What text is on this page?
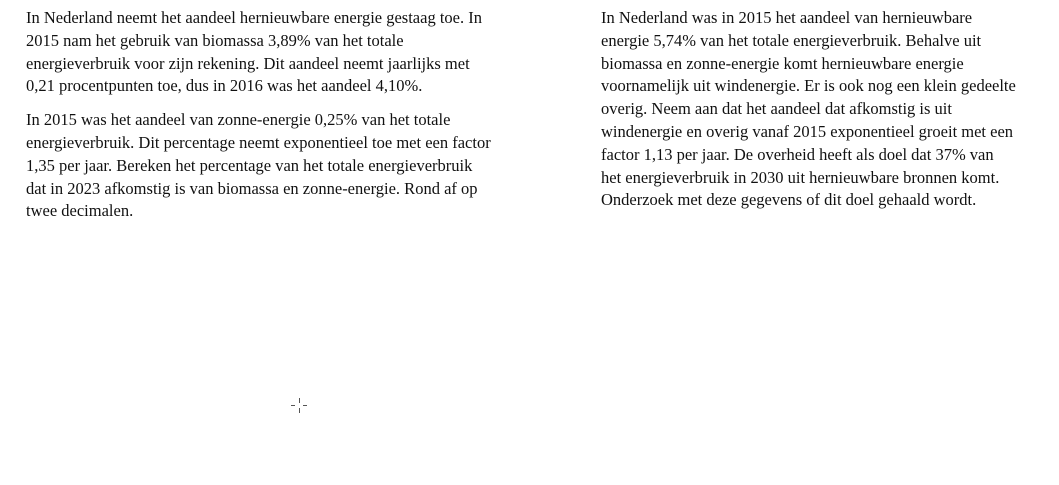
In Nederland neemt het aandeel hernieuwbare energie gestaag toe. In
2015 nam het gebruik van biomassa 3,89% van het totale
energieverbruik voor zijn rekening. Dit aandeel neemt jaarlijks met
0,21 procentpunten toe, dus in 2016 was het aandeel 4,10%.

In 2015 was het aandeel van zonne-energie 0,25% van het totale
energieverbruik. Dit percentage neemt exponentieel toe met een factor
1,35 per jaar. Bereken het percentage van het totale energieverbruik
dat in 2023 afkomstig is van biomassa en zonne-energie. Rond af op
twee decimalen.

In Nederland was in 2015 het aandeel van hernieuwbare
energie 5,74% van het totale energieverbruik. Behalve uit
biomassa en zonne-energie komt hernieuwbare energie
voornamelijk uit windenergie. Er is ook nog een klein gedeelte
overig. Neem aan dat het aandeel dat afkomstig is uit
windenergie en overig vanaf 2015 exponentieel groeit met een
factor 1,13 per jaar. De overheid heeft als doel dat 37% van
het energieverbruik in 2030 uit hernieuwbare bronnen komt.
Onderzoek met deze gegevens of dit doel gehaald wordt.
